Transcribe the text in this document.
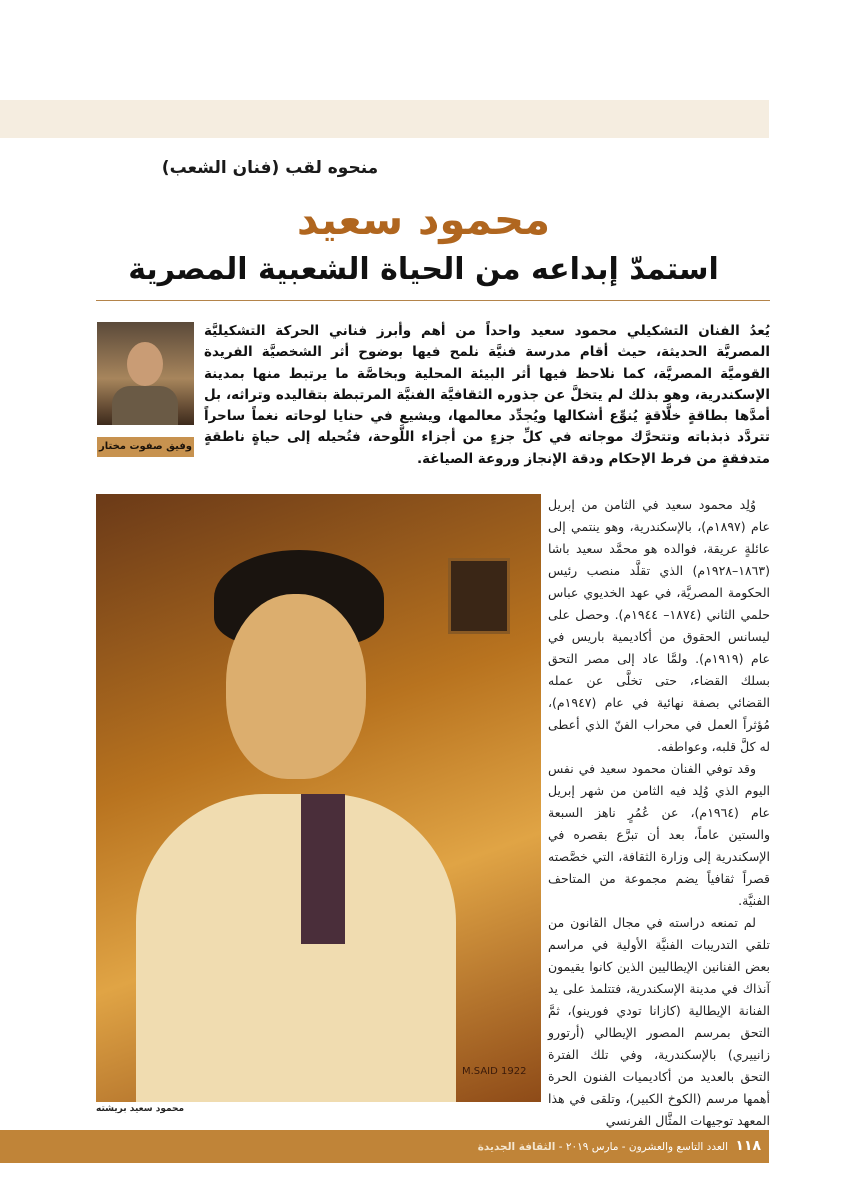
منحوه لقب (فنان الشعب)
محمود سعيد
استمدّ إبداعه من الحياة الشعبية المصرية
وفيق صفوت مختار
يُعدُ الفنان التشكيلي محمود سعيد واحداً من أهم وأبرز فناني الحركة التشكيليَّة المصريَّة الحديثة، حيث أقام مدرسة فنيَّة نلمح فيها بوضوح أثر الشخصيَّة الفريدة القوميَّة المصريَّة، كما نلاحظ فيها أثر البيئة المحلية وبخاصَّة ما يرتبط منها بمدينة الإسكندرية، وهو بذلك لم يتخلَّ عن جذوره الثقافيَّة الفنيَّة المرتبطة بتقاليده وتراثه، بل أمدَّها بطاقةٍ خلَّاقةٍ يُنوِّع أشكالها ويُجدِّد معالمها، ويشيع في حنايا لوحاته نغماً ساحراً تتردَّد ذبذباته وتتحرَّك موجاته في كلِّ جزءٍ من أجزاء اللَّوحة، فتُحيله إلى حياةٍ ناطقةٍ متدفقةٍ من فرط الإحكام ودقة الإنجاز وروعة الصياغة.
M.SAID 1922
محمود سعيد بريشته

وُلِد محمود سعيد في الثامن من إبريل عام (١٨٩٧م)، بالإسكندرية، وهو ينتمي إلى عائلةٍ عريقة، فوالده هو محمَّد سعيد باشا (١٨٦٣–١٩٢٨م) الذي تقلَّد منصب رئيس الحكومة المصريَّة، في عهد الخديوي عباس حلمي الثاني (١٨٧٤– ١٩٤٤م). وحصل على ليسانس الحقوق من أكاديمية باريس في عام (١٩١٩م). ولمَّا عاد إلى مصر التحق بسلك القضاء، حتى تخلَّى عن عمله القضائي بصفة نهائية في عام (١٩٤٧م)، مُؤثراً العمل في محراب الفنّ الذي أعطى له كلَّ قلبه، وعواطفه.

وقد توفي الفنان محمود سعيد في نفس اليوم الذي وُلِد فيه الثامن من شهر إبريل عام (١٩٦٤م)، عن عُمُرٍ ناهز السبعة والستين عاماً، بعد أن تبرَّع بقصره في الإسكندرية إلى وزارة الثقافة، التي خصَّصته قصراً ثقافياً يضم مجموعة من المتاحف الفنيَّة.

لم تمنعه دراسته في مجال القانون من تلقي التدريبات الفنيَّة الأولية في مراسم بعض الفنانين الإيطاليين الذين كانوا يقيمون آنذاك في مدينة الإسكندرية، فتتلمذ على يد الفنانة الإيطالية (كازانا تودي فورينو)، ثمَّ التحق بمرسم المصور الإيطالي (أرتورو زانييري) بالإسكندرية، وفي تلك الفترة التحق بالعديد من أكاديميات الفنون الحرة أهمها مرسم (الكوخ الكبير)، وتلقى في هذا المعهد توجيهات المثَّال الفرنسي

١١٨ العدد التاسع والعشرون - مارس ٢٠١٩ - الثقافة الجديدة
